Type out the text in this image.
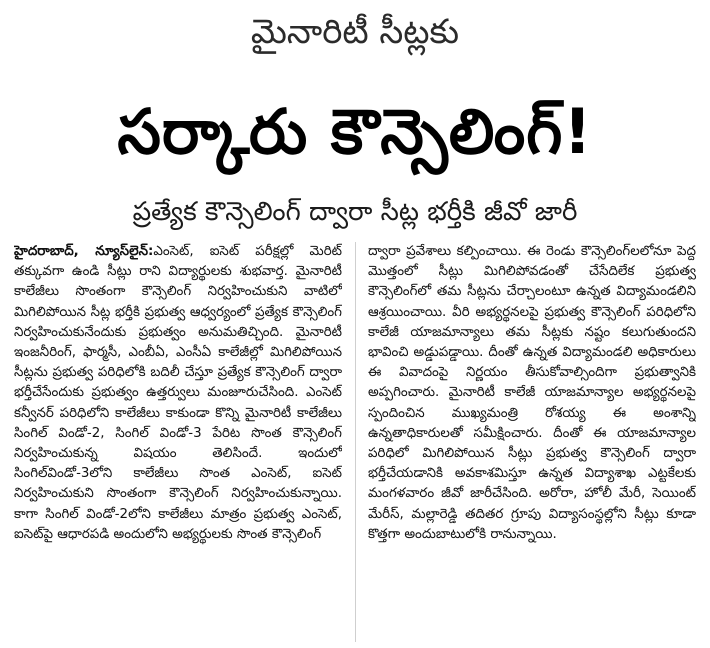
మైనారిటీ సీట్లకు
సర్కారు కౌన్సెలింగ్!
ప్రత్యేక కౌన్సెలింగ్ ద్వారా సీట్ల భర్తీకి జీవో జారీ

హైదరాబాద్, న్యూస్‌లైన్:ఎంసెట్, ఐసెట్ పరీక్షల్లో మెరిట్ తక్కువగా ఉండి సీట్లు రాని విద్యార్థులకు శుభవార్త. మైనారిటీ కాలేజీలు సొంతంగా కౌన్సెలింగ్ నిర్వహించుకుని వాటిలో మిగిలిపోయిన సీట్ల భర్తీకి ప్రభుత్వ ఆధ్వర్యంలో ప్రత్యేక కౌన్సెలింగ్ నిర్వహించుకునేందుకు ప్రభుత్వం అనుమతిచ్చింది. మైనారిటీ ఇంజనీరింగ్, ఫార్మసీ, ఎంబీఏ, ఎంసీఏ కాలేజీల్లో మిగిలిపోయిన సీట్లను ప్రభుత్వ పరిధిలోకి బదిలీ చేస్తూ ప్రత్యేక కౌన్సెలింగ్ ద్వారా భర్తీచేసేందుకు ప్రభుత్వం ఉత్తర్వులు మంజూరుచేసింది. ఎంసెట్ కన్వీనర్ పరిధిలోని కాలేజీలు కాకుండా కొన్ని మైనారిటీ కాలేజీలు సింగిల్ విండో-2, సింగిల్ విండో-3 పేరిట సొంత కౌన్సెలింగ్ నిర్వహించుకున్న విషయం తెలిసిందే. ఇందులో సింగిల్‌విండో-3లోని కాలేజీలు సొంత ఎంసెట్, ఐసెట్ నిర్వహించుకుని సొంతంగా కౌన్సెలింగ్ నిర్వహించుకున్నాయి. కాగా సింగిల్ విండో-2లోని కాలేజీలు మాత్రం ప్రభుత్వ ఎంసెట్, ఐసెట్‌పై ఆధారపడి అందులోని అభ్యర్థులకు సొంత కౌన్సెలింగ్

ద్వారా ప్రవేశాలు కల్పించాయి. ఈ రెండు కౌన్సెలింగ్‌లలోనూ పెద్ద మొత్తంలో సీట్లు మిగిలిపోవడంతో చేసేదిలేక ప్రభుత్వ కౌన్సెలింగ్‌లో తమ సీట్లను చేర్చాలంటూ ఉన్నత విద్యామండలిని ఆశ్రయించాయి. వీరి అభ్యర్థనలపై ప్రభుత్వ కౌన్సెలింగ్ పరిధిలోని కాలేజీ యాజమాన్యాలు తమ సీట్లకు నష్టం కలుగుతుందని భావించి అడ్డుపడ్డాయి. దీంతో ఉన్నత విద్యామండలి అధికారులు ఈ వివాదంపై నిర్ణయం తీసుకోవాల్సిందిగా ప్రభుత్వానికి అప్పగించారు. మైనారిటీ కాలేజీ యాజమాన్యాల అభ్యర్థనలపై స్పందించిన ముఖ్యమంత్రి రోశయ్య ఈ అంశాన్ని ఉన్నతాధికారులతో సమీక్షించారు. దీంతో ఈ యాజమాన్యాల పరిధిలో మిగిలిపోయిన సీట్లు ప్రభుత్వ కౌన్సెలింగ్ ద్వారా భర్తీచేయడానికి అవకాశమిస్తూ ఉన్నత విద్యాశాఖ ఎట్టకేలకు మంగళవారం జీవో జారీచేసింది. అరోరా, హోలీ మేరీ, సెయింట్ మేరీస్, మల్లారెడ్డి తదితర గ్రూపు విద్యాసంస్థల్లోని సీట్లు కూడా కొత్తగా అందుబాటులోకి రానున్నాయి.
